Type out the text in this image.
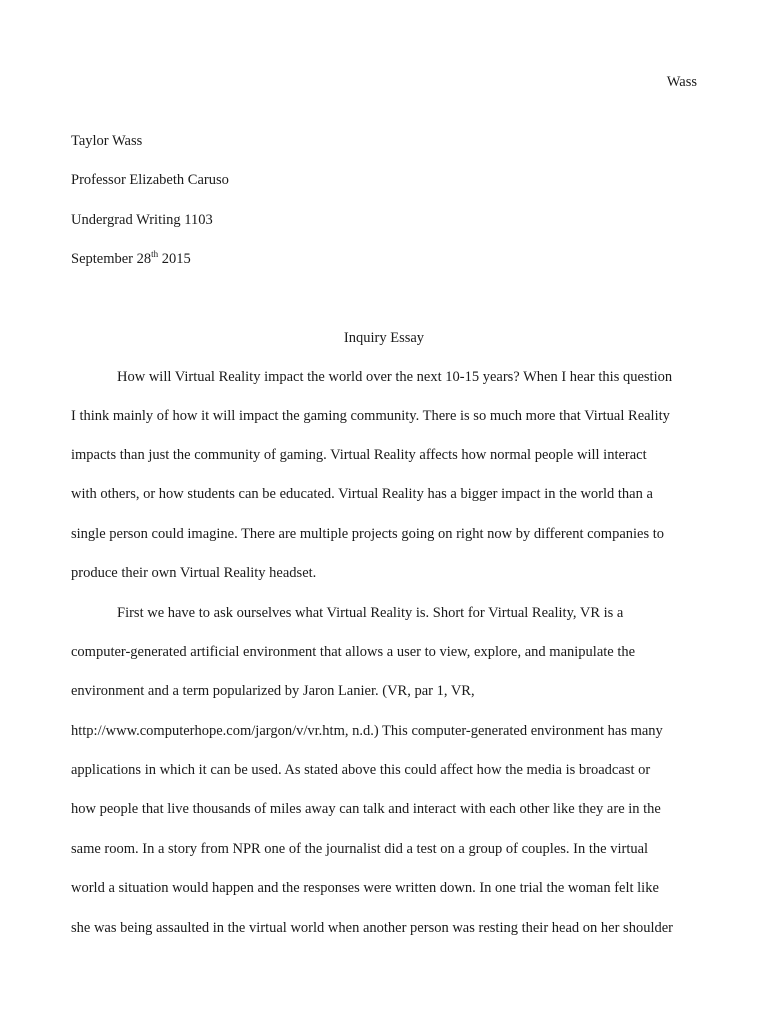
Wass
Taylor Wass
Professor Elizabeth Caruso
Undergrad Writing 1103
September 28th 2015
Inquiry Essay
How will Virtual Reality impact the world over the next 10-15 years? When I hear this question
I think mainly of how it will impact the gaming community. There is so much more that Virtual Reality
impacts than just the community of gaming. Virtual Reality affects how normal people will interact
with others, or how students can be educated. Virtual Reality has a bigger impact in the world than a
single person could imagine. There are multiple projects going on right now by different companies to
produce their own Virtual Reality headset.
First we have to ask ourselves what Virtual Reality is. Short for Virtual Reality, VR is a
computer-generated artificial environment that allows a user to view, explore, and manipulate the
environment and a term popularized by Jaron Lanier. (VR, par 1, VR,
http://www.computerhope.com/jargon/v/vr.htm, n.d.) This computer-generated environment has many
applications in which it can be used. As stated above this could affect how the media is broadcast or
how people that live thousands of miles away can talk and interact with each other like they are in the
same room. In a story from NPR one of the journalist did a test on a group of couples. In the virtual
world a situation would happen and the responses were written down. In one trial the woman felt like
she was being assaulted in the virtual world when another person was resting their head on her shoulder
